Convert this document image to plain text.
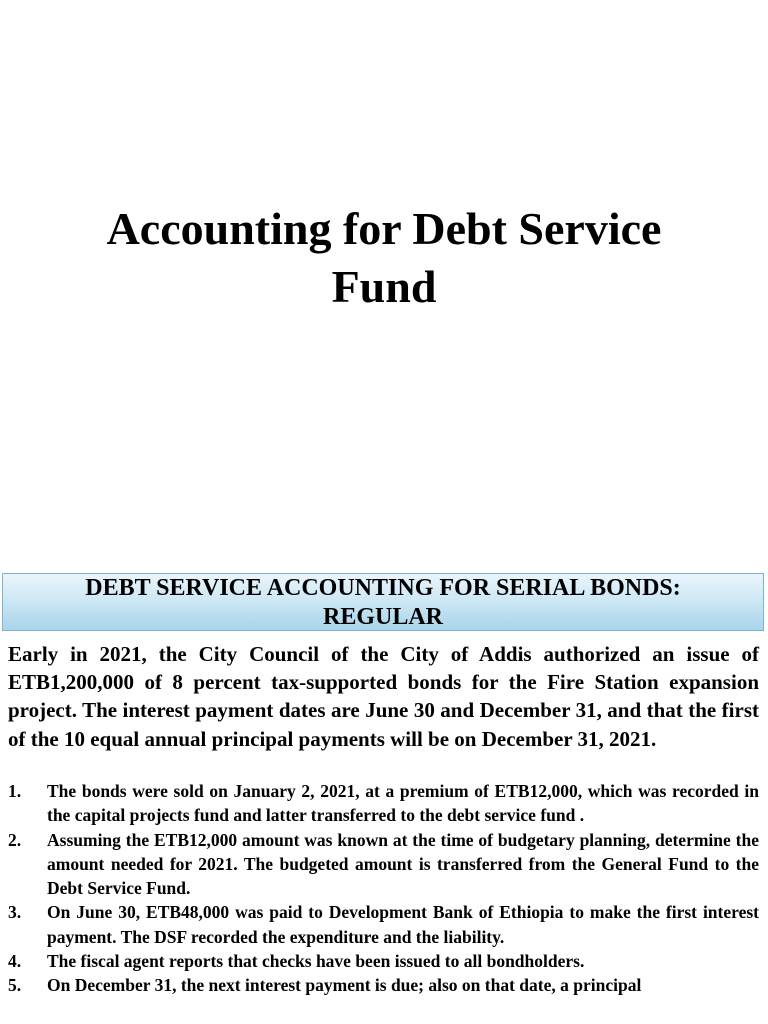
Accounting for Debt Service
Fund
DEBT SERVICE ACCOUNTING FOR SERIAL BONDS:
REGULAR

Early in 2021, the City Council of the City of Addis authorized an issue of ETB1,200,000 of 8 percent tax-supported bonds for the Fire Station expansion project. The interest payment dates are June 30 and December 31, and that the first of the 10 equal annual principal payments will be on December 31, 2021.

1.	The bonds were sold on January 2, 2021, at a premium of ETB12,000, which was recorded in the capital projects fund and latter transferred to the debt service fund .
2.	Assuming the ETB12,000 amount was known at the time of budgetary planning, determine the amount needed for 2021. The budgeted amount is transferred from the General Fund to the Debt Service Fund.
3.	On June 30, ETB48,000 was paid to Development Bank of Ethiopia to make the first interest payment. The DSF recorded the expenditure and the liability.
4.	The fiscal agent reports that checks have been issued to all bondholders.
5.	On December 31, the next interest payment is due; also on that date, a principal
